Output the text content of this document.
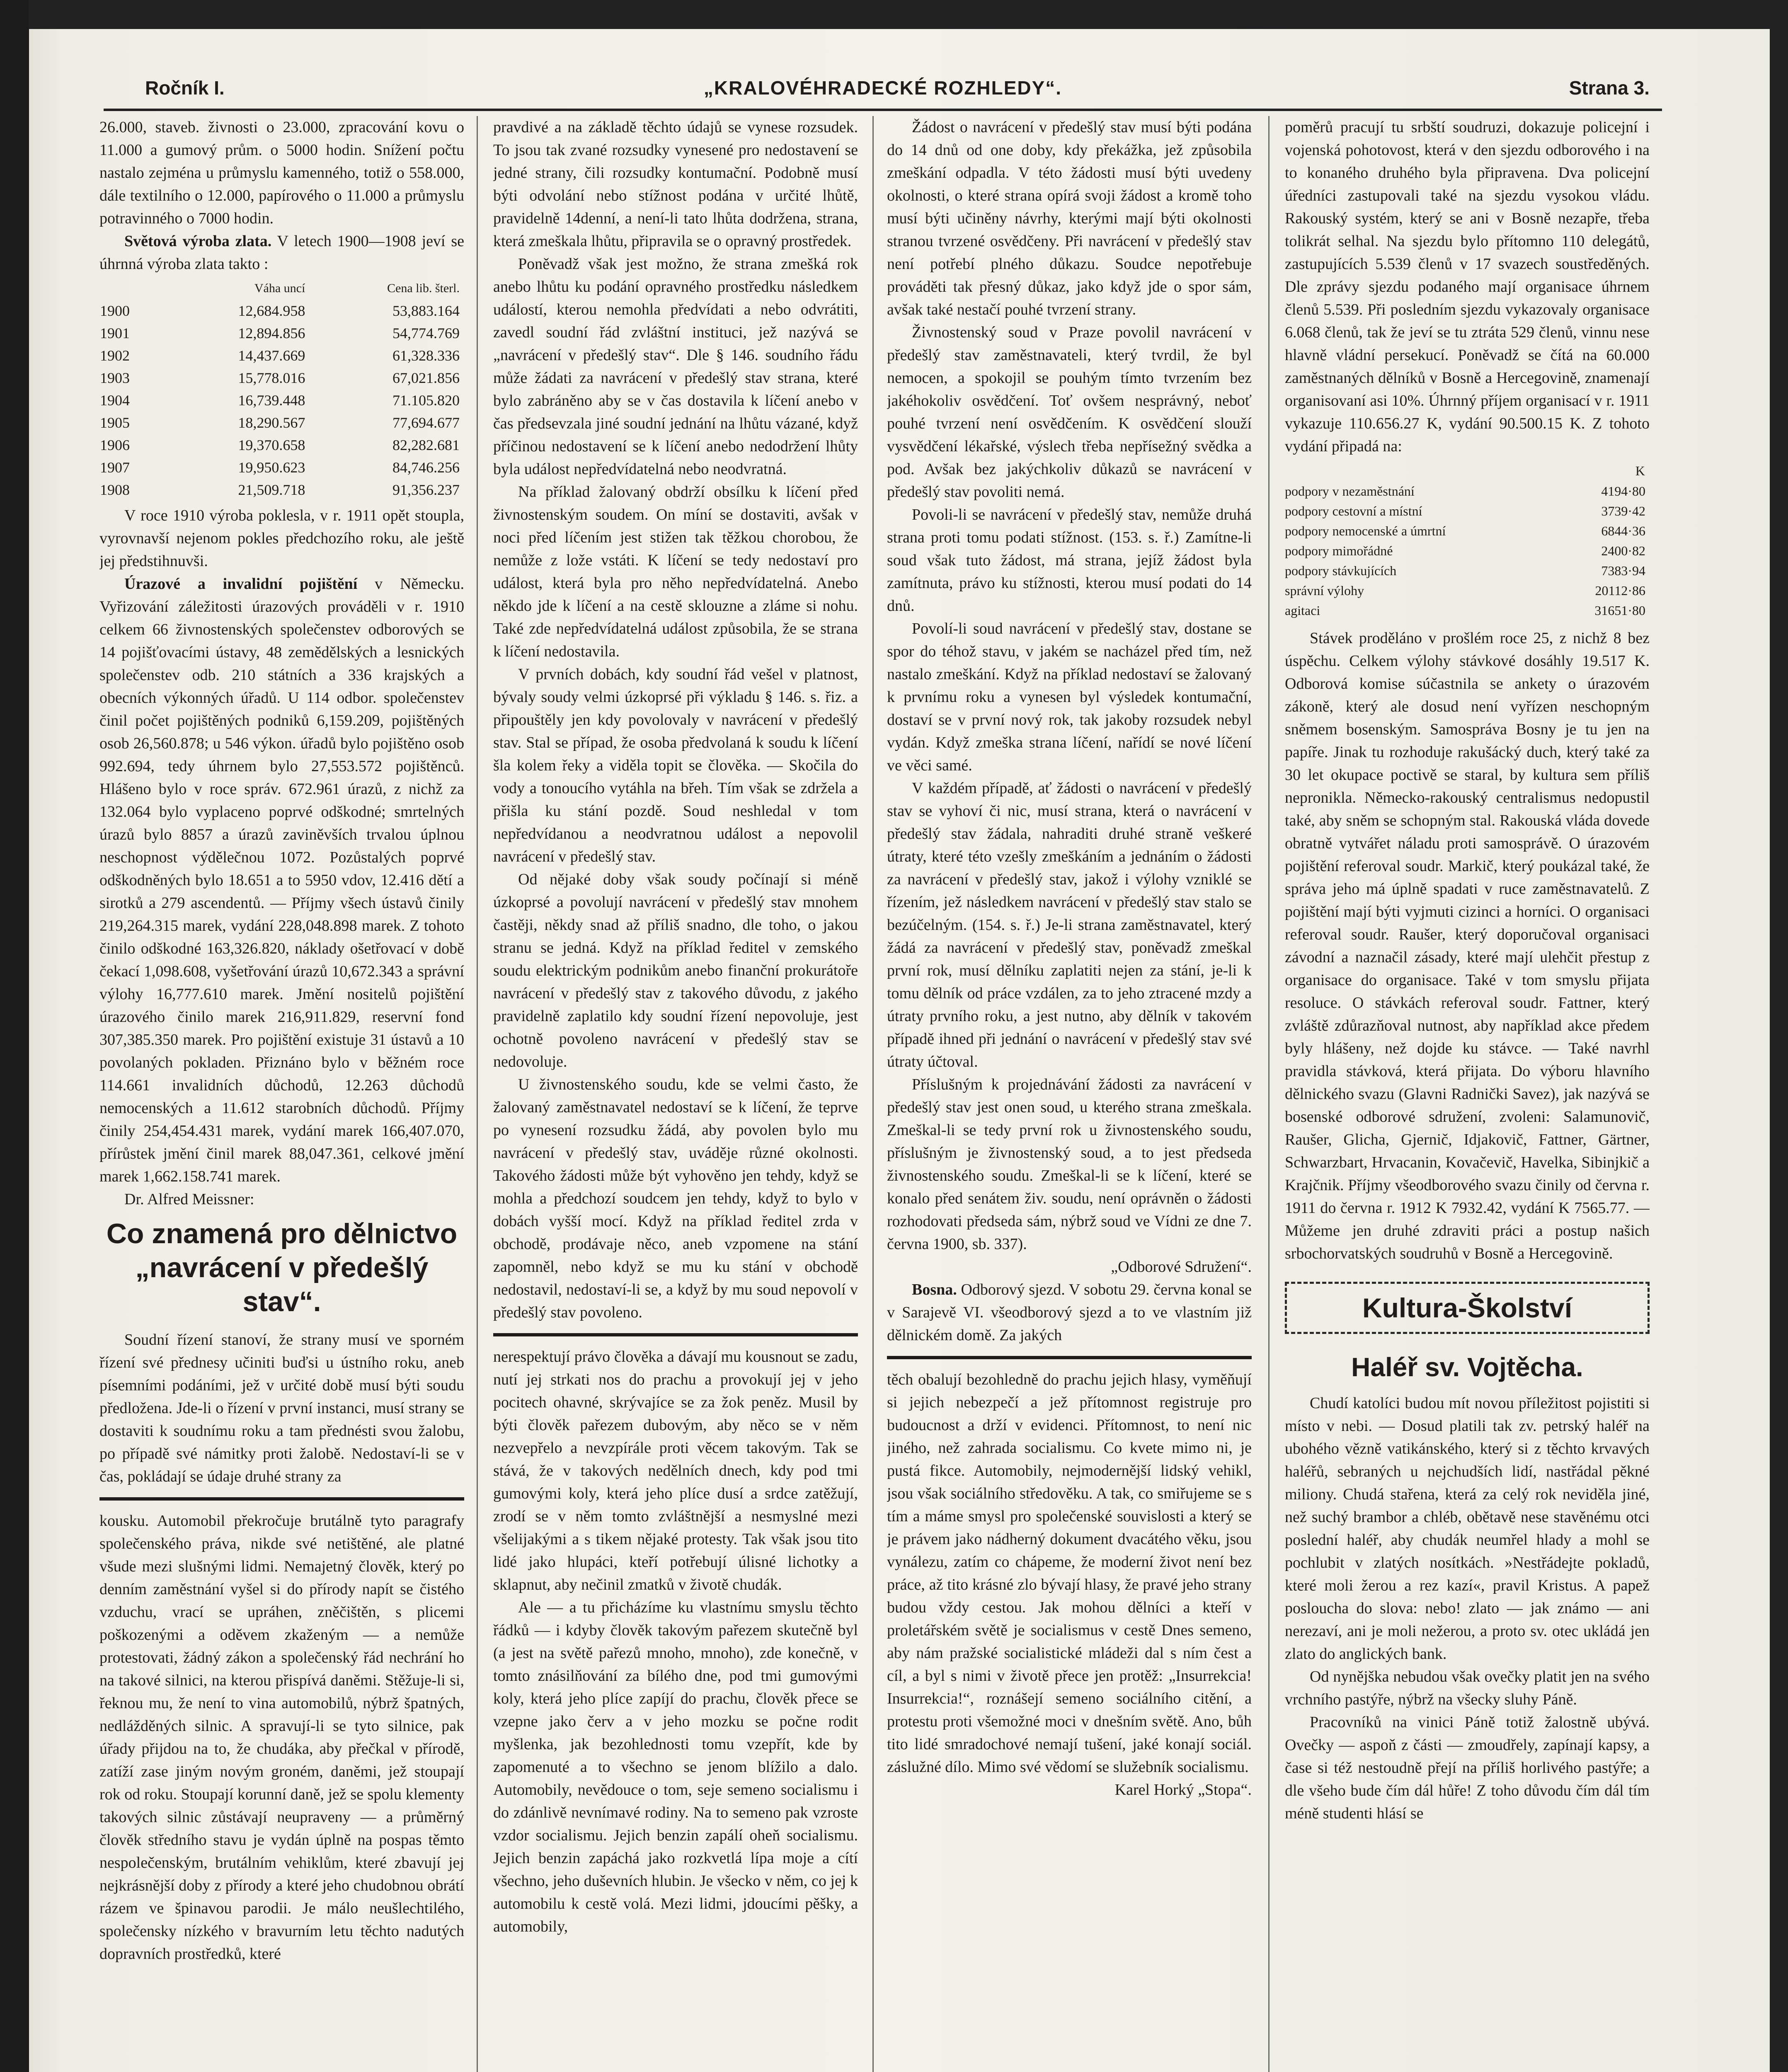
Ročník I.	„KRALOVÉHRADECKÉ ROZHLEDY“.	Strana 3.

26.000, staveb. živnosti o 23.000, zpracování kovu o 11.000 a gumový prům. o 5000 hodin. Snížení počtu nastalo zejména u průmyslu kamenného, totiž o 558.000, dále textilního o 12.000, papírového o 11.000 a průmyslu potravinného o 7000 hodin.

Světová výroba zlata. V letech 1900—1908 jeví se úhrnná výroba zlata takto :

	Váha uncí	Cena lib. šterl.
1900	12,684.958	53,883.164
1901	12,894.856	54,774.769
1902	14,437.669	61,328.336
1903	15,778.016	67,021.856
1904	16,739.448	71.105.820
1905	18,290.567	77,694.677
1906	19,370.658	82,282.681
1907	19,950.623	84,746.256
1908	21,509.718	91,356.237

V roce 1910 výroba poklesla, v r. 1911 opět stoupla, vyrovnavší nejenom pokles předchozího roku, ale ještě jej předstihnuvši.

Úrazové a invalidní pojištění v Německu. Vyřizování záležitosti úrazových prováděli v r. 1910 celkem 66 živnostenských společenstev odborových se 14 pojišťovacími ústavy, 48 zemědělských a lesnických společenstev odb. 210 státních a 336 krajských a obecních výkonných úřadů. U 114 odbor. společenstev činil počet pojištěných podniků 6,159.209, pojištěných osob 26,560.878; u 546 výkon. úřadů bylo pojištěno osob 992.694, tedy úhrnem bylo 27,553.572 pojištěnců. Hlášeno bylo v roce správ. 672.961 úrazů, z nichž za 132.064 bylo vyplaceno poprvé odškodné; smrtelných úrazů bylo 8857 a úrazů zaviněvších trvalou úplnou neschopnost výdělečnou 1072. Pozůstalých poprvé odškodněných bylo 18.651 a to 5950 vdov, 12.416 dětí a sirotků a 279 ascendentů. — Příjmy všech ústavů činily 219,264.315 marek, vydání 228,048.898 marek. Z tohoto činilo odškodné 163,326.820, náklady ošetřovací v době čekací 1,098.608, vyšetřování úrazů 10,672.343 a správní výlohy 16,777.610 marek. Jmění nositelů pojištění úrazového činilo marek 216,911.829, reservní fond 307,385.350 marek. Pro pojištění existuje 31 ústavů a 10 povolaných pokladen. Přiznáno bylo v běžném roce 114.661 invalidních důchodů, 12.263 důchodů nemocenských a 11.612 starobních důchodů. Příjmy činily 254,454.431 marek, vydání marek 166,407.070, přírůstek jmění činil marek 88,047.361, celkové jmění marek 1,662.158.741 marek.

Dr. Alfred Meissner:

Co znamená pro dělnictvo „navrácení v předešlý stav“.

Soudní řízení stanoví, že strany musí ve sporném řízení své přednesy učiniti buďsi u ústního roku, aneb písemními podáními, jež v určité době musí býti soudu předložena. Jde-li o řízení v první instanci, musí strany se dostaviti k soudnímu roku a tam přednésti svou žalobu, po případě své námitky proti žalobě. Nedostaví-li se v čas, pokládají se údaje druhé strany za

kousku. Automobil překročuje brutálně tyto paragrafy společenského práva, nikde své netištěné, ale platné všude mezi slušnými lidmi. Nemajetný člověk, který po denním zaměstnání vyšel si do přírody napít se čistého vzduchu, vrací se upráhen, zněčištěn, s plicemi poškozenými a oděvem zkaženým — a nemůže protestovati, žádný zákon a společenský řád nechrání ho na takové silnici, na kterou přispívá daněmi. Stěžuje-li si, řeknou mu, že není to vina automobilů, nýbrž špatných, nedlážděných silnic. A spravují-li se tyto silnice, pak úřady přijdou na to, že chudáka, aby přečkal v přírodě, zatíží zase jiným novým groném, daněmi, jež stoupají rok od roku. Stoupají korunní daně, jež se spolu klementy takových silnic zůstávají neupraveny — a průměrný člověk středního stavu je vydán úplně na pospas těmto nespolečenským, brutálním vehiklům, které zbavují jej nejkrásnější doby z přírody a které jeho chudobnou obrátí rázem ve špinavou parodii. Je málo neušlechtilého, společensky nízkého v bravurním letu těchto nadutých dopravních prostředků, které

pravdivé a na základě těchto údajů se vynese rozsudek. To jsou tak zvané rozsudky vynesené pro nedostavení se jedné strany, čili rozsudky kontumační. Podobně musí býti odvolání nebo stížnost podána v určité lhůtě, pravidelně 14denní, a není-li tato lhůta dodržena, strana, která zmeškala lhůtu, připravila se o opravný prostředek.

Poněvadž však jest možno, že strana zmešká rok anebo lhůtu ku podání opravného prostředku následkem událostí, kterou nemohla předvídati a nebo odvrátiti, zavedl soudní řád zvláštní instituci, jež nazývá se „navrácení v předešlý stav“. Dle § 146. soudního řádu může žádati za navrácení v předešlý stav strana, které bylo zabráněno aby se v čas dostavila k líčení anebo v čas předsevzala jiné soudní jednání na lhůtu vázané, když příčinou nedostavení se k líčení anebo nedodržení lhůty byla událost nepředvídatelná nebo neodvratná.

Na příklad žalovaný obdrží obsílku k líčení před živnostenským soudem. On míní se dostaviti, avšak v noci před líčením jest stižen tak těžkou chorobou, že nemůže z lože vstáti. K líčení se tedy nedostaví pro událost, která byla pro něho nepředvídatelná. Anebo někdo jde k líčení a na cestě sklouzne a zláme si nohu. Také zde nepředvídatelná událost způsobila, že se strana k líčení nedostavila.

V prvních dobách, kdy soudní řád vešel v platnost, bývaly soudy velmi úzkoprsé při výkladu § 146. s. řiz. a připouštěly jen kdy povolovaly v navrácení v předešlý stav. Stal se případ, že osoba předvolaná k soudu k líčení šla kolem řeky a viděla topit se člověka. — Skočila do vody a tonoucího vytáhla na břeh. Tím však se zdržela a přišla ku stání pozdě. Soud neshledal v tom nepředvídanou a neodvratnou událost a nepovolil navrácení v předešlý stav.

Od nějaké doby však soudy počínají si méně úzkoprsé a povolují navrácení v předešlý stav mnohem častěji, někdy snad až příliš snadno, dle toho, o jakou stranu se jedná. Když na příklad ředitel v zemského soudu elektrickým podnikům anebo finanční prokurátoře navrácení v předešlý stav z takového důvodu, z jakého pravidelně zaplatilo kdy soudní řízení nepovoluje, jest ochotně povoleno navrácení v předešlý stav se nedovoluje.

U živnostenského soudu, kde se velmi často, že žalovaný zaměstnavatel nedostaví se k líčení, že teprve po vynesení rozsudku žádá, aby povolen bylo mu navrácení v předešlý stav, uváděje různé okolnosti. Takového žádosti může být vyhověno jen tehdy, když se mohla a předchozí soudcem jen tehdy, když to bylo v dobách vyšší mocí. Když na příklad ředitel zrda v obchodě, prodávaje něco, aneb vzpomene na stání zapomněl, nebo když se mu ku stání v obchodě nedostavil, nedostaví-li se, a když by mu soud nepovolí v předešlý stav povoleno.

nerespektují právo člověka a dávají mu kousnout se zadu, nutí jej strkati nos do prachu a provokují jej v jeho pocitech ohavné, skrývajíce se za žok peněz. Musil by býti člověk pařezem dubovým, aby něco se v něm nezvepřelo a nevzpírále proti věcem takovým. Tak se stává, že v takových nedělních dnech, kdy pod tmi gumovými koly, která jeho plíce dusí a srdce zatěžují, zrodí se v něm tomto zvláštnější a nesmyslné mezi všelijakými a s tikem nějaké protesty. Tak však jsou tito lidé jako hlupáci, kteří potřebují úlisné lichotky a sklapnut, aby nečinil zmatků v životě chudák.

Ale — a tu přicházíme ku vlastnímu smyslu těchto řádků — i kdyby člověk takovým pařezem skutečně byl (a jest na světě pařezů mnoho, mnoho), zde konečně, v tomto znásilňování za bílého dne, pod tmi gumovými koly, která jeho plíce zapíjí do prachu, člověk přece se vzepne jako červ a v jeho mozku se počne rodit myšlenka, jak bezohlednosti tomu vzepřít, kde by zapomenuté a to všechno se jenom blížilo a dalo. Automobily, nevědouce o tom, seje semeno socialismu i do zdánlivě nevnímavé rodiny. Na to semeno pak vzroste vzdor socialismu. Jejich benzin zapálí oheň socialismu. Jejich benzin zapáchá jako rozkvetlá lípa moje a cítí všechno, jeho duševních hlubin. Je všecko v něm, co jej k automobilu k cestě volá. Mezi lidmi, jdoucími pěšky, a automobily,

Žádost o navrácení v předešlý stav musí býti podána do 14 dnů od one doby, kdy překážka, jež způsobila zmeškání odpadla. V této žádosti musí býti uvedeny okolnosti, o které strana opírá svoji žádost a kromě toho musí býti učiněny návrhy, kterými mají býti okolnosti stranou tvrzené osvědčeny. Při navrácení v předešlý stav není potřebí plného důkazu. Soudce nepotřebuje prováděti tak přesný důkaz, jako když jde o spor sám, avšak také nestačí pouhé tvrzení strany.

Živnostenský soud v Praze povolil navrácení v předešlý stav zaměstnavateli, který tvrdil, že byl nemocen, a spokojil se pouhým tímto tvrzením bez jakéhokoliv osvědčení. Toť ovšem nesprávný, neboť pouhé tvrzení není osvědčením. K osvědčení slouží vysvědčení lékařské, výslech třeba nepřísežný svědka a pod. Avšak bez jakýchkoliv důkazů se navrácení v předešlý stav povoliti nemá.

Povoli-li se navrácení v předešlý stav, nemůže druhá strana proti tomu podati stížnost. (153. s. ř.) Zamítne-li soud však tuto žádost, má strana, jejíž žádost byla zamítnuta, právo ku stížnosti, kterou musí podati do 14 dnů.

Povolí-li soud navrácení v předešlý stav, dostane se spor do téhož stavu, v jakém se nacházel před tím, než nastalo zmeškání. Když na příklad nedostaví se žalovaný k prvnímu roku a vynesen byl výsledek kontumační, dostaví se v první nový rok, tak jakoby rozsudek nebyl vydán. Když zmeška strana líčení, nařídí se nové líčení ve věci samé.

V každém případě, ať žádosti o navrácení v předešlý stav se vyhoví či nic, musí strana, která o navrácení v předešlý stav žádala, nahraditi druhé straně veškeré útraty, které této vzešly zmeškáním a jednáním o žádosti za navrácení v předešlý stav, jakož i výlohy vzniklé se řízením, jež následkem navrácení v předešlý stav stalo se bezúčelným. (154. s. ř.) Je-li strana zaměstnavatel, který žádá za navrácení v předešlý stav, poněvadž zmeškal první rok, musí dělníku zaplatiti nejen za stání, je-li k tomu dělník od práce vzdálen, za to jeho ztracené mzdy a útraty prvního roku, a jest nutno, aby dělník v takovém případě ihned při jednání o navrácení v předešlý stav své útraty účtoval.

Příslušným k projednávání žádosti za navrácení v předešlý stav jest onen soud, u kterého strana zmeškala. Zmeškal-li se tedy první rok u živnostenského soudu, příslušným je živnostenský soud, a to jest předseda živnostenského soudu. Zmeškal-li se k líčení, které se konalo před senátem živ. soudu, není oprávněn o žádosti rozhodovati předseda sám, nýbrž soud ve Vídni ze dne 7. června 1900, sb. 337).

„Odborové Sdružení“.

Bosna. Odborový sjezd. V sobotu 29. června konal se v Sarajevě VI. všeodborový sjezd a to ve vlastním již dělnickém domě. Za jakých

těch obalují bezohledně do prachu jejich hlasy, vyměňují si jejich nebezpečí a jež přítomnost registruje pro budoucnost a drží v evidenci. Přítomnost, to není nic jiného, než zahrada socialismu. Co kvete mimo ni, je pustá fikce. Automobily, nejmodernější lidský vehikl, jsou však sociálního středověku. A tak, co smiřujeme se s tím a máme smysl pro společenské souvislosti a který se je právem jako nádherný dokument dvacátého věku, jsou vynálezu, zatím co chápeme, že moderní život není bez práce, až tito krásné zlo bývají hlasy, že pravé jeho strany budou vždy cestou. Jak mohou dělníci a kteří v proletářském světě je socialismus v cestě Dnes semeno, aby nám pražské socialistické mládeži dal s ním čest a cíl, a byl s nimi v životě přece jen protěž: „Insurrekcia! Insurrekcia!“, roznášejí semeno sociálního citění, a protestu proti všemožné moci v dnešním světě. Ano, bůh tito lidé smradochové nemají tušení, jaké konají sociál. záslužné dílo. Mimo své vědomí se služebník socialismu.

Karel Horký „Stopa“.

poměrů pracují tu srbští soudruzi, dokazuje policejní i vojenská pohotovost, která v den sjezdu odborového i na to konaného druhého byla připravena. Dva policejní úředníci zastupovali také na sjezdu vysokou vládu. Rakouský systém, který se ani v Bosně nezapře, třeba tolikrát selhal. Na sjezdu bylo přítomno 110 delegátů, zastupujících 5.539 členů v 17 svazech soustředěných. Dle zprávy sjezdu podaného mají organisace úhrnem členů 5.539. Při posledním sjezdu vykazovaly organisace 6.068 členů, tak že jeví se tu ztráta 529 členů, vinnu nese hlavně vládní persekucí. Poněvadž se čítá na 60.000 zaměstnaných dělníků v Bosně a Hercegovině, znamenají organisovaní asi 10%. Úhrnný příjem organisací v r. 1911 vykazuje 110.656.27 K, vydání 90.500.15 K. Z tohoto vydání připadá na:

	K
podpory v nezaměstnání	4194·80
podpory cestovní a místní	3739·42
podpory nemocenské a úmrtní	6844·36
podpory mimořádné	2400·82
podpory stávkujících	7383·94
správní výlohy	20112·86
agitaci	31651·80

Stávek proděláno v prošlém roce 25, z nichž 8 bez úspěchu. Celkem výlohy stávkové dosáhly 19.517 K. Odborová komise súčastnila se ankety o úrazovém zákoně, který ale dosud není vyřízen neschopným sněmem bosenským. Samospráva Bosny je tu jen na papíře. Jinak tu rozhoduje rakušácký duch, který také za 30 let okupace poctivě se staral, by kultura sem příliš nepronikla. Německo-rakouský centralismus nedopustil také, aby sněm se schopným stal. Rakouská vláda dovede obratně vytvářet náladu proti samosprávě. O úrazovém pojištění referoval soudr. Markič, který poukázal také, že správa jeho má úplně spadati v ruce zaměstnavatelů. Z pojištění mají býti vyjmuti cizinci a horníci. O organisaci referoval soudr. Raušer, který doporučoval organisaci závodní a naznačil zásady, které mají ulehčit přestup z organisace do organisace. Také v tom smyslu přijata resoluce. O stávkách referoval soudr. Fattner, který zvláště zdůrazňoval nutnost, aby například akce předem byly hlášeny, než dojde ku stávce. — Také navrhl pravidla stávková, která přijata. Do výboru hlavního dělnického svazu (Glavni Radnički Savez), jak nazývá se bosenské odborové sdružení, zvoleni: Salamunovič, Raušer, Glicha, Gjernič, Idjakovič, Fattner, Gärtner, Schwarzbart, Hrvacanin, Kovačevič, Havelka, Sibinjkič a Krajčnik. Příjmy všeodborového svazu činily od června r. 1911 do června r. 1912 K 7932.42, vydání K 7565.77. — Můžeme jen druhé zdraviti práci a postup našich srbochorvatských soudruhů v Bosně a Hercegovině.

Kultura-Školství
Haléř sv. Vojtěcha.

Chudí katolíci budou mít novou příležitost pojistiti si místo v nebi. — Dosud platili tak zv. petrský haléř na ubohého vězně vatikánského, který si z těchto krvavých haléřů, sebraných u nejchudších lidí, nastřádal pěkné miliony. Chudá stařena, která za celý rok neviděla jiné, než suchý brambor a chléb, obětavě nese stavěnému otci poslední haléř, aby chudák neumřel hlady a mohl se pochlubit v zlatých nosítkách. »Nestřádejte pokladů, které moli žerou a rez kazí«, pravil Kristus. A papež posloucha do slova: nebo! zlato — jak známo — ani nerezaví, ani je moli nežerou, a proto sv. otec ukládá jen zlato do anglických bank.

Od nynějška nebudou však ovečky platit jen na svého vrchního pastýře, nýbrž na všecky sluhy Páně.

Pracovníků na vinici Páně totiž žalostně ubývá. Ovečky — aspoň z části — zmoudřely, zapínají kapsy, a čase si též nestoudně přejí na příliš horlivého pastýře; a dle všeho bude čím dál hůře! Z toho důvodu čím dál tím méně studenti hlásí se
